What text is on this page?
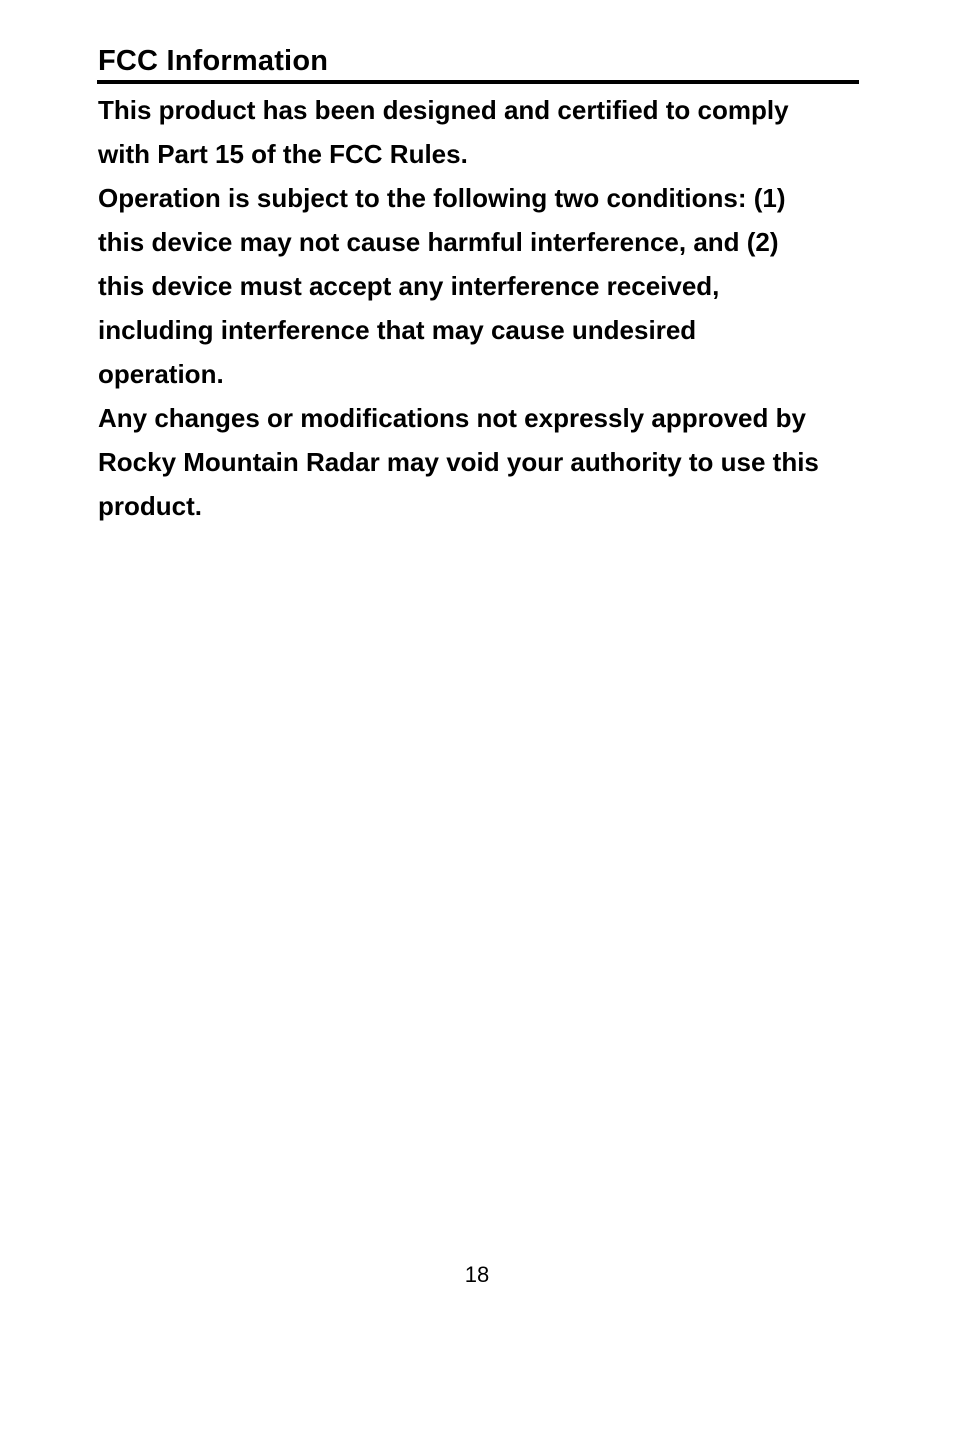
FCC Information
This product has been designed and certified to comply
with Part 15 of the FCC Rules.
Operation is subject to the following two conditions: (1)
this device may not cause harmful interference, and (2)
this device must accept any interference received,
including interference that may cause undesired
operation.
Any changes or modifications not expressly approved by
Rocky Mountain Radar may void your authority to use this
product.
18
